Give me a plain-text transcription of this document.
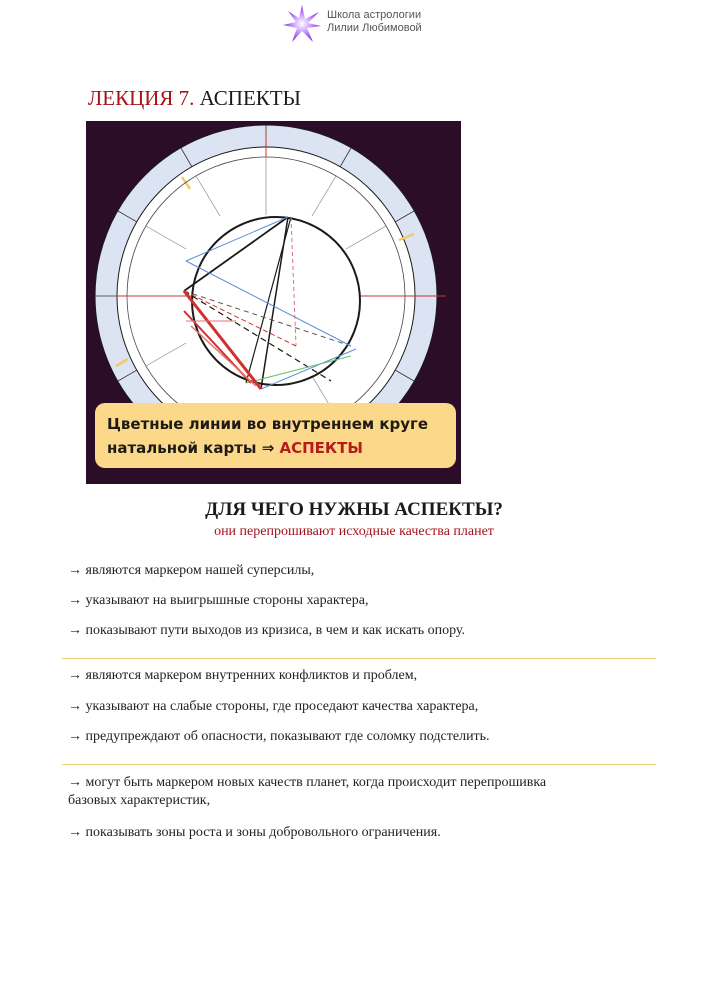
Школа астрологии
Лилии Любимовой
ЛЕКЦИЯ 7. АСПЕКТЫ
Цветные линии во внутреннем круге
натальной карты ⇒ АСПЕКТЫ
ДЛЯ ЧЕГО НУЖНЫ АСПЕКТЫ?
они перепрошивают исходные качества планет
→ являются маркером нашей суперсилы,
→ указывают на выигрышные стороны характера,
→ показывают пути выходов из кризиса, в чем и как искать опору.
→ являются маркером внутренних конфликтов и проблем,
→ указывают на слабые стороны, где проседают качества характера,
→ предупреждают об опасности, показывают где соломку подстелить.
→ могут быть маркером новых качеств планет, когда происходит перепрошивка базовых характеристик,
→ показывать зоны роста и зоны добровольного ограничения.
